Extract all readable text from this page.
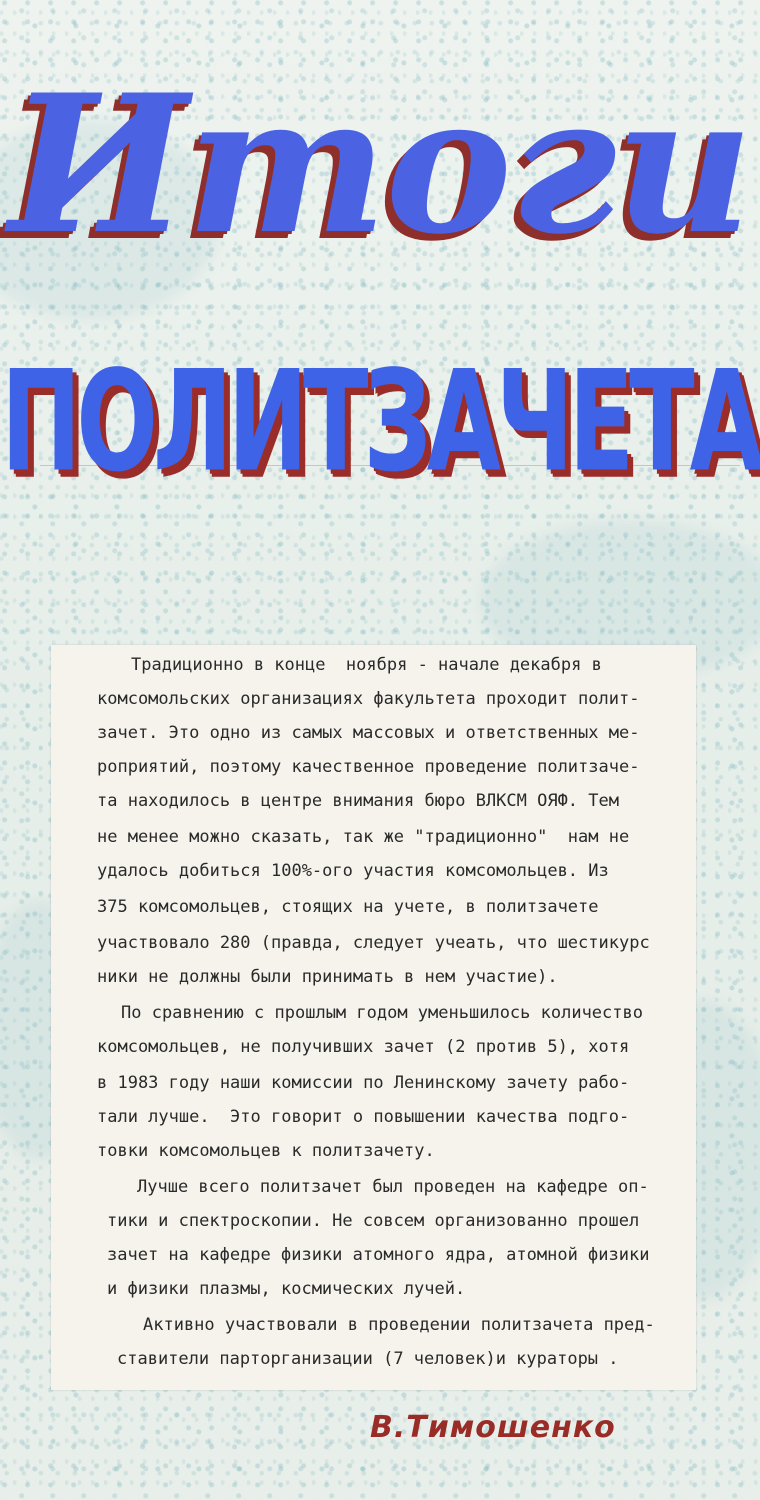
Итоги
ПОЛИТЗАЧЕТА
Традиционно в конце  ноября - начале декабря в
комсомольских организациях факультета проходит полит-
зачет. Это одно из самых массовых и ответственных ме-
роприятий, поэтому качественное проведение политзаче-
та находилось в центре внимания бюро ВЛКСМ ОЯФ. Тем
не менее можно сказать, так же "традиционно"  нам не
удалось добиться 100%-ого участия комсомольцев. Из
375 комсомольцев, стоящих на учете, в политзачете
участвовало 280 (правда, следует учеать, что шестикурс
ники не должны были принимать в нем участие).
По сравнению с прошлым годом уменьшилось количество
комсомольцев, не получивших зачет (2 против 5), хотя
в 1983 году наши комиссии по Ленинскому зачету рабо-
тали лучше.  Это говорит о повышении качества подго-
товки комсомольцев к политзачету.
Лучше всего политзачет был проведен на кафедре оп-
тики и спектроскопии. Не совсем организованно прошел
зачет на кафедре физики атомного ядра, атомной физики
и физики плазмы, космических лучей.
Активно участвовали в проведении политзачета пред-
ставители парторганизации (7 человек)и кураторы .
В.Тимошенко
